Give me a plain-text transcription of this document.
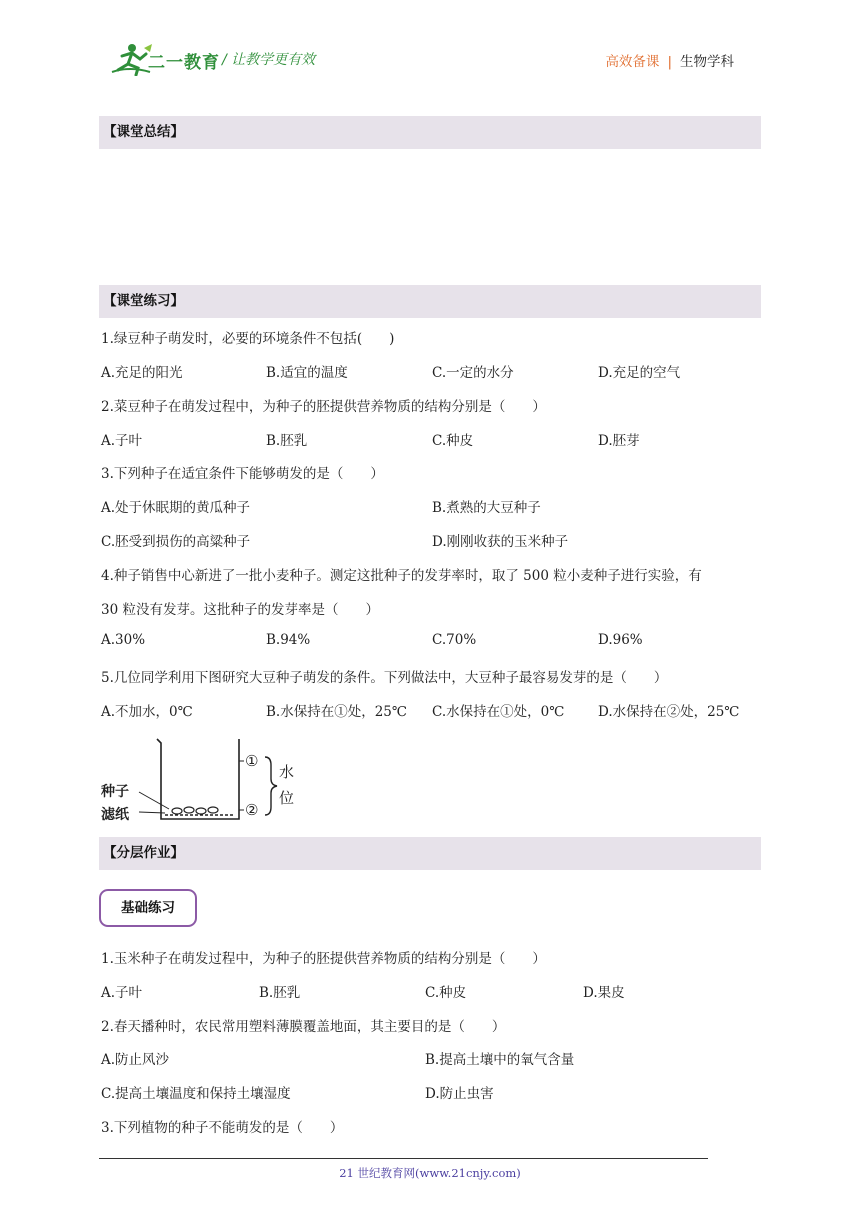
二一教育 / 让教学更有效	高效备课 | 生物学科
【课堂总结】
【课堂练习】
1.绿豆种子萌发时，必要的环境条件不包括(　　)
A.充足的阳光	B.适宜的温度	C.一定的水分	D.充足的空气
2.菜豆种子在萌发过程中，为种子的胚提供营养物质的结构分别是（　　）
A.子叶	B.胚乳	C.种皮	D.胚芽
3.下列种子在适宜条件下能够萌发的是（　　）
A.处于休眠期的黄瓜种子	B.煮熟的大豆种子
C.胚受到损伤的高粱种子	D.刚刚收获的玉米种子
4.种子销售中心新进了一批小麦种子。测定这批种子的发芽率时，取了 500 粒小麦种子进行实验，有
30 粒没有发芽。这批种子的发芽率是（　　）
A.30%	B.94%	C.70%	D.96%
5.几位同学利用下图研究大豆种子萌发的条件。下列做法中，大豆种子最容易发芽的是（　　）
A.不加水，0℃	B.水保持在①处，25℃ C.水保持在①处，0℃ D.水保持在②处，25℃
①
②
水
位
种子
滤纸
【分层作业】
基础练习
1.玉米种子在萌发过程中，为种子的胚提供营养物质的结构分别是（　　）
A.子叶	B.胚乳	C.种皮	D.果皮
2.春天播种时，农民常用塑料薄膜覆盖地面，其主要目的是（　　）
A.防止风沙	B.提高土壤中的氧气含量
C.提高土壤温度和保持土壤湿度	D.防止虫害
3.下列植物的种子不能萌发的是（　　）
21 世纪教育网(www.21cnjy.com)
